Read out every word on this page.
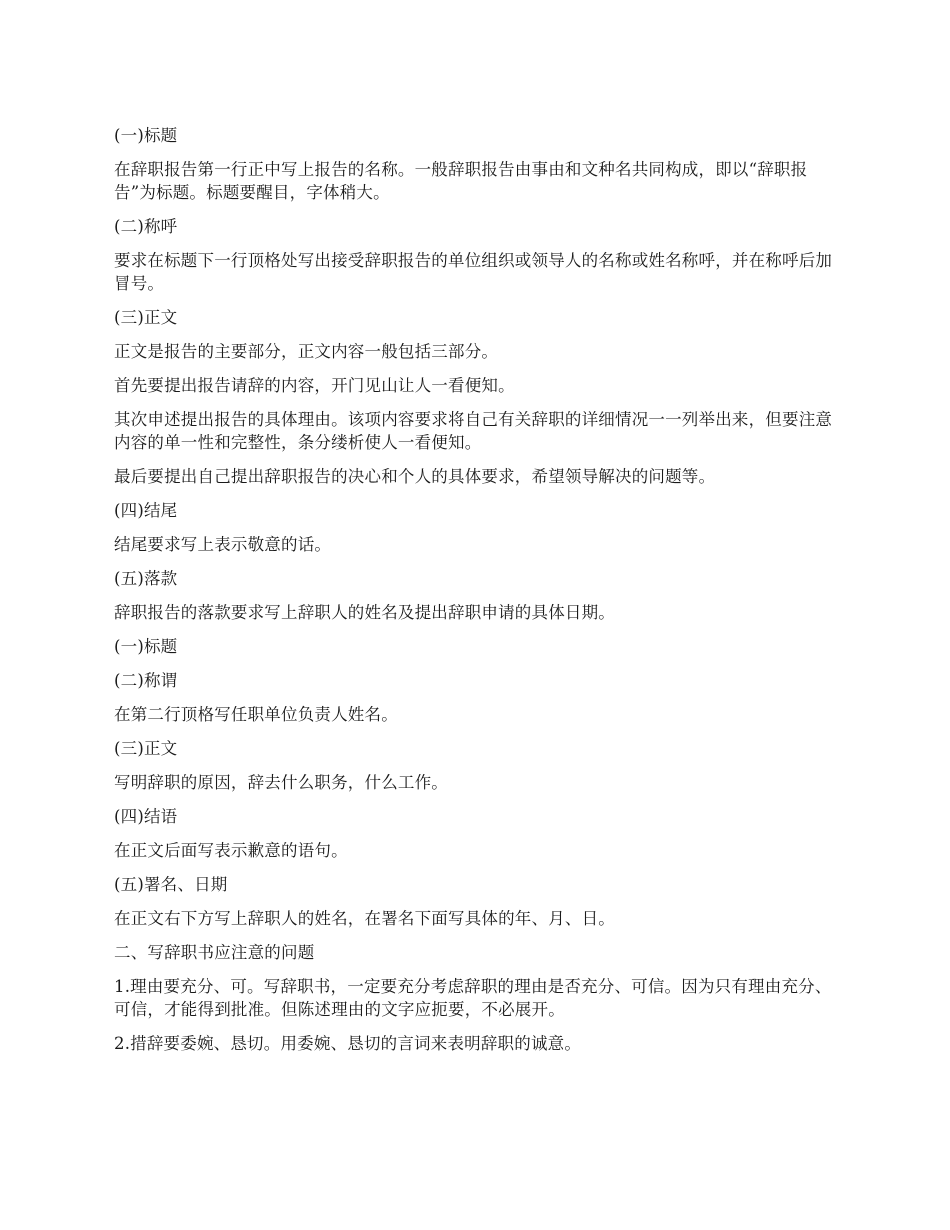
(一)标题

在辞职报告第一行正中写上报告的名称。一般辞职报告由事由和文种名共同构成，即以“辞职报告”为标题。标题要醒目，字体稍大。

(二)称呼

要求在标题下一行顶格处写出接受辞职报告的单位组织或领导人的名称或姓名称呼，并在称呼后加冒号。

(三)正文

正文是报告的主要部分，正文内容一般包括三部分。

首先要提出报告请辞的内容，开门见山让人一看便知。

其次申述提出报告的具体理由。该项内容要求将自己有关辞职的详细情况一一列举出来，但要注意内容的单一性和完整性，条分缕析使人一看便知。

最后要提出自己提出辞职报告的决心和个人的具体要求，希望领导解决的问题等。

(四)结尾

结尾要求写上表示敬意的话。

(五)落款

辞职报告的落款要求写上辞职人的姓名及提出辞职申请的具体日期。

(一)标题

(二)称谓

在第二行顶格写任职单位负责人姓名。

(三)正文

写明辞职的原因，辞去什么职务，什么工作。

(四)结语

在正文后面写表示歉意的语句。

(五)署名、日期

在正文右下方写上辞职人的姓名，在署名下面写具体的年、月、日。

二、写辞职书应注意的问题

1.理由要充分、可。写辞职书，一定要充分考虑辞职的理由是否充分、可信。因为只有理由充分、可信，才能得到批准。但陈述理由的文字应扼要，不必展开。

2.措辞要委婉、恳切。用委婉、恳切的言词来表明辞职的诚意。
